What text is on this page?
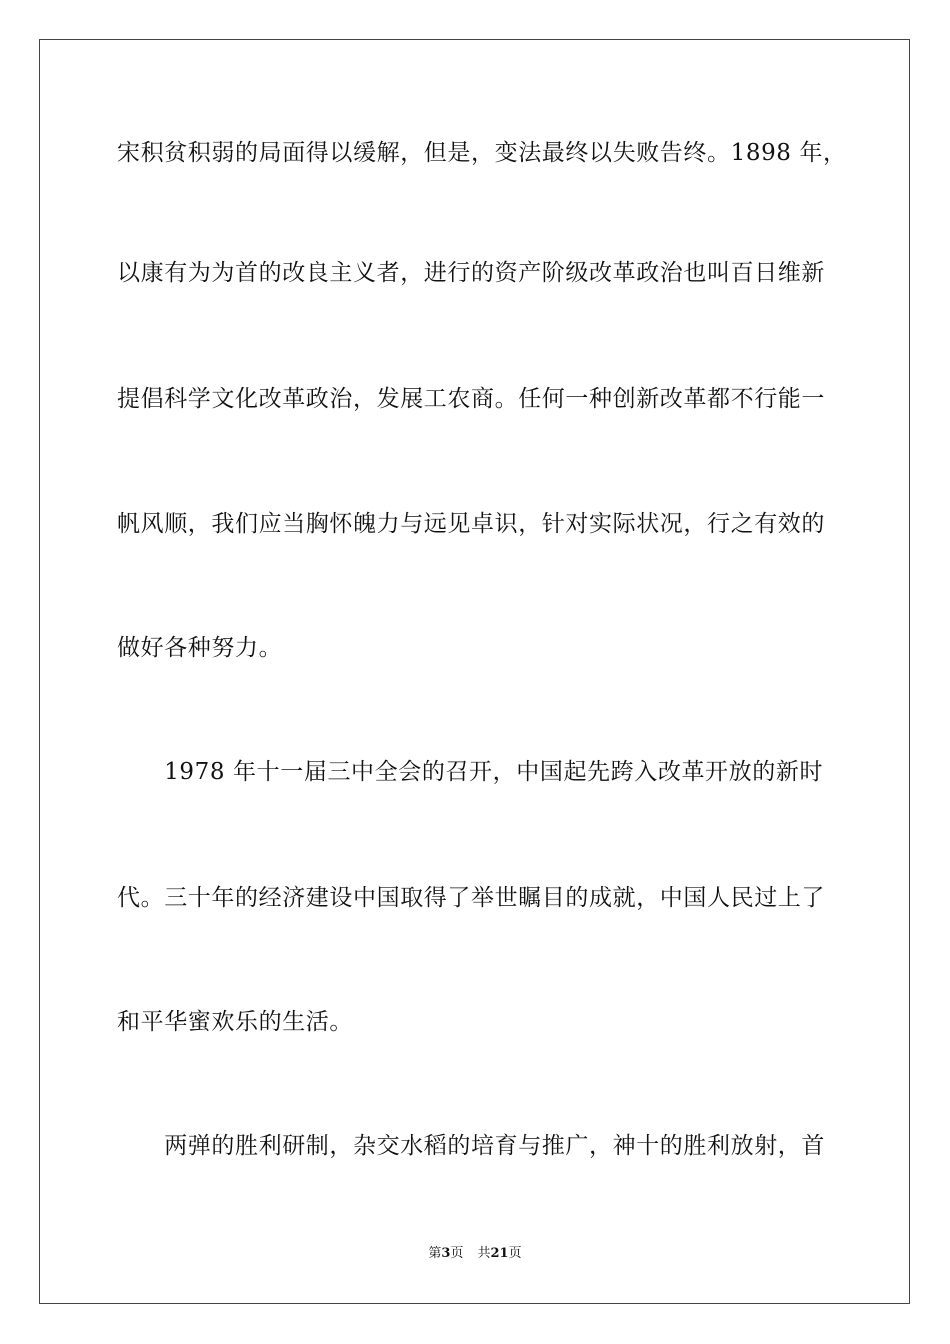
宋积贫积弱的局面得以缓解，但是，变法最终以失败告终。1898 年，
以康有为为首的改良主义者，进行的资产阶级改革政治也叫百日维新
提倡科学文化改革政治，发展工农商。任何一种创新改革都不行能一
帆风顺，我们应当胸怀魄力与远见卓识，针对实际状况，行之有效的
做好各种努力。
　　1978 年十一届三中全会的召开，中国起先跨入改革开放的新时
代。三十年的经济建设中国取得了举世瞩目的成就，中国人民过上了
和平华蜜欢乐的生活。
　　两弹的胜利研制，杂交水稻的培育与推广，神十的胜利放射，首
第3页 共21页
